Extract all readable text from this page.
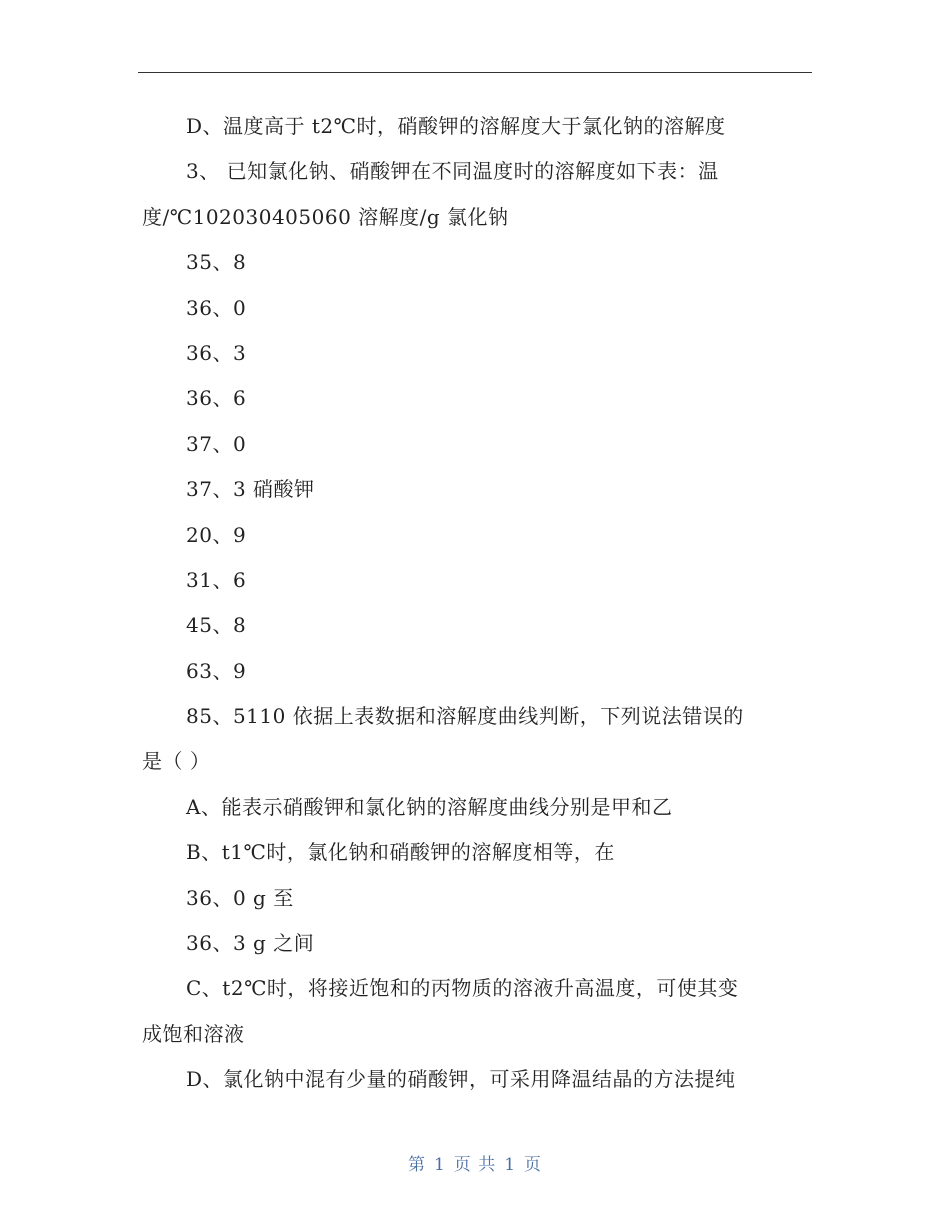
D、温度高于 t2℃时，硝酸钾的溶解度大于氯化钠的溶解度
3、 已知氯化钠、硝酸钾在不同温度时的溶解度如下表：温
度/℃102030405060 溶解度/g 氯化钠
35、8
36、0
36、3
36、6
37、0
37、3 硝酸钾
20、9
31、6
45、8
63、9
85、5110 依据上表数据和溶解度曲线判断，下列说法错误的
是（ ）
A、能表示硝酸钾和氯化钠的溶解度曲线分别是甲和乙
B、t1℃时，氯化钠和硝酸钾的溶解度相等，在
36、0 g 至
36、3 g 之间
C、t2℃时，将接近饱和的丙物质的溶液升高温度，可使其变
成饱和溶液
D、氯化钠中混有少量的硝酸钾，可采用降温结晶的方法提纯
第 1 页 共 1 页
